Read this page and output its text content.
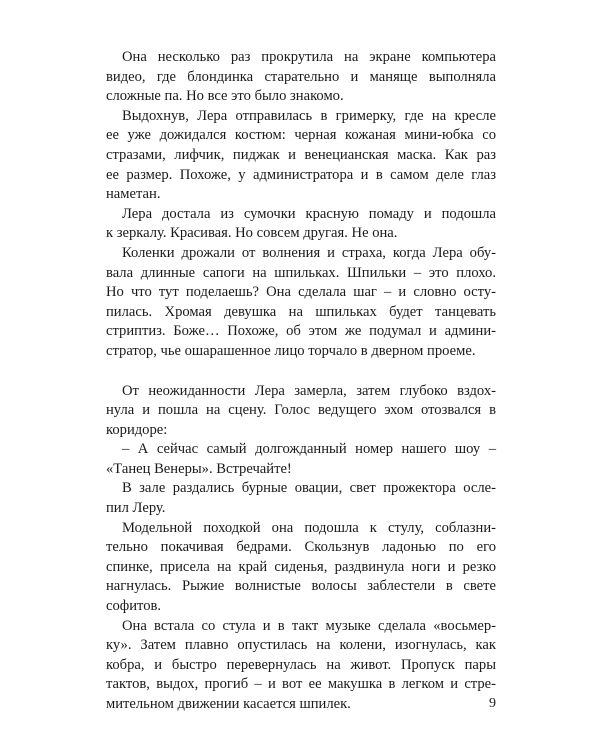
Она несколько раз прокрутила на экране компьютера
видео, где блондинка старательно и маняще выполняла
сложные па. Но все это было знакомо.
Выдохнув, Лера отправилась в гримерку, где на кресле
ее уже дожидался костюм: черная кожаная мини-юбка со
стразами, лифчик, пиджак и венецианская маска. Как раз
ее размер. Похоже, у администратора и в самом деле глаз
наметан.
Лера достала из сумочки красную помаду и подошла
к зеркалу. Красивая. Но совсем другая. Не она.
Коленки дрожали от волнения и страха, когда Лера обу-
вала длинные сапоги на шпильках. Шпильки – это плохо.
Но что тут поделаешь? Она сделала шаг – и словно осту-
пилась. Хромая девушка на шпильках будет танцевать
стриптиз. Боже… Похоже, об этом же подумал и админи-
стратор, чье ошарашенное лицо торчало в дверном проеме.
От неожиданности Лера замерла, затем глубоко вздох-
нула и пошла на сцену. Голос ведущего эхом отозвался в
коридоре:
– А сейчас самый долгожданный номер нашего шоу –
«Танец Венеры». Встречайте!
В зале раздались бурные овации, свет прожектора осле-
пил Леру.
Модельной походкой она подошла к стулу, соблазни-
тельно покачивая бедрами. Скользнув ладонью по его
спинке, присела на край сиденья, раздвинула ноги и резко
нагнулась. Рыжие волнистые волосы заблестели в свете
софитов.
Она встала со стула и в такт музыке сделала «восьмер-
ку». Затем плавно опустилась на колени, изогнулась, как
кобра, и быстро перевернулась на живот. Пропуск пары
тактов, выдох, прогиб – и вот ее макушка в легком и стре-
мительном движении касается шпилек.	9
